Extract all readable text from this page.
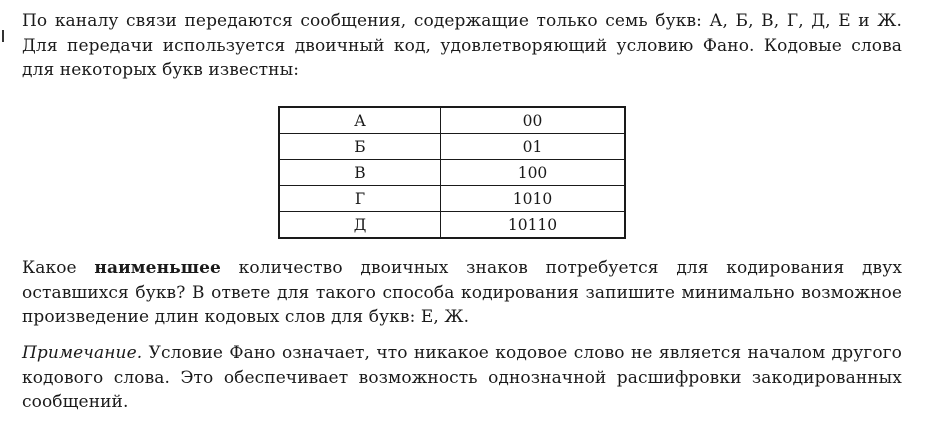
По каналу связи передаются сообщения, содержащие только семь букв: А, Б, В, Г, Д, Е и Ж. Для передачи используется двоичный код, удовлетворяющий условию Фано. Кодовые слова для некоторых букв известны:

А	00
Б	01
В	100
Г	1010
Д	10110

Какое наименьшее количество двоичных знаков потребуется для кодирования двух оставшихся букв? В ответе для такого способа кодирования запишите минимально возможное произведение длин кодовых слов для букв: Е, Ж.

Примечание. Условие Фано означает, что никакое кодовое слово не является началом другого кодового слова. Это обеспечивает возможность однозначной расшифровки закодированных сообщений.
